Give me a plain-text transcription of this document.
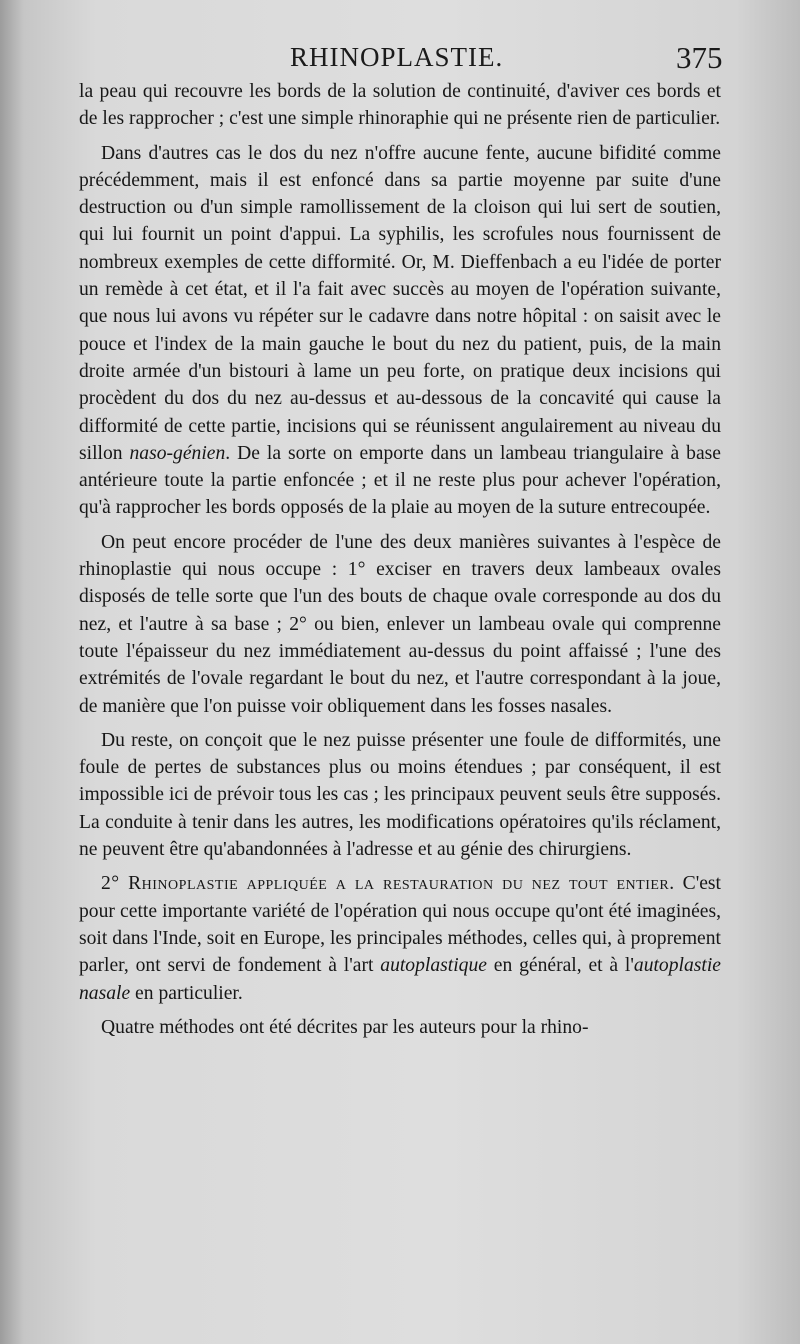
RHINOPLASTIE.	375

la peau qui recouvre les bords de la solution de continuité, d'aviver ces bords et de les rapprocher ; c'est une simple rhinoraphie qui ne présente rien de particulier.

Dans d'autres cas le dos du nez n'offre aucune fente, aucune bifidité comme précédemment, mais il est enfoncé dans sa partie moyenne par suite d'une destruction ou d'un simple ramollissement de la cloison qui lui sert de soutien, qui lui fournit un point d'appui. La syphilis, les scrofules nous fournissent de nombreux exemples de cette difformité. Or, M. Dieffenbach a eu l'idée de porter un remède à cet état, et il l'a fait avec succès au moyen de l'opération suivante, que nous lui avons vu répéter sur le cadavre dans notre hôpital : on saisit avec le pouce et l'index de la main gauche le bout du nez du patient, puis, de la main droite armée d'un bistouri à lame un peu forte, on pratique deux incisions qui procèdent du dos du nez au-dessus et au-dessous de la concavité qui cause la difformité de cette partie, incisions qui se réunissent angulairement au niveau du sillon naso-génien. De la sorte on emporte dans un lambeau triangulaire à base antérieure toute la partie enfoncée ; et il ne reste plus pour achever l'opération, qu'à rapprocher les bords opposés de la plaie au moyen de la suture entrecoupée.

On peut encore procéder de l'une des deux manières suivantes à l'espèce de rhinoplastie qui nous occupe : 1° exciser en travers deux lambeaux ovales disposés de telle sorte que l'un des bouts de chaque ovale corresponde au dos du nez, et l'autre à sa base ; 2° ou bien, enlever un lambeau ovale qui comprenne toute l'épaisseur du nez immédiatement au-dessus du point affaissé ; l'une des extrémités de l'ovale regardant le bout du nez, et l'autre correspondant à la joue, de manière que l'on puisse voir obliquement dans les fosses nasales.

Du reste, on conçoit que le nez puisse présenter une foule de difformités, une foule de pertes de substances plus ou moins étendues ; par conséquent, il est impossible ici de prévoir tous les cas ; les principaux peuvent seuls être supposés. La conduite à tenir dans les autres, les modifications opératoires qu'ils réclament, ne peuvent être qu'abandonnées à l'adresse et au génie des chirurgiens.

2° Rhinoplastie appliquée a la restauration du nez tout entier. C'est pour cette importante variété de l'opération qui nous occupe qu'ont été imaginées, soit dans l'Inde, soit en Europe, les principales méthodes, celles qui, à proprement parler, ont servi de fondement à l'art autoplastique en général, et à l'autoplastie nasale en particulier.

Quatre méthodes ont été décrites par les auteurs pour la rhino-
